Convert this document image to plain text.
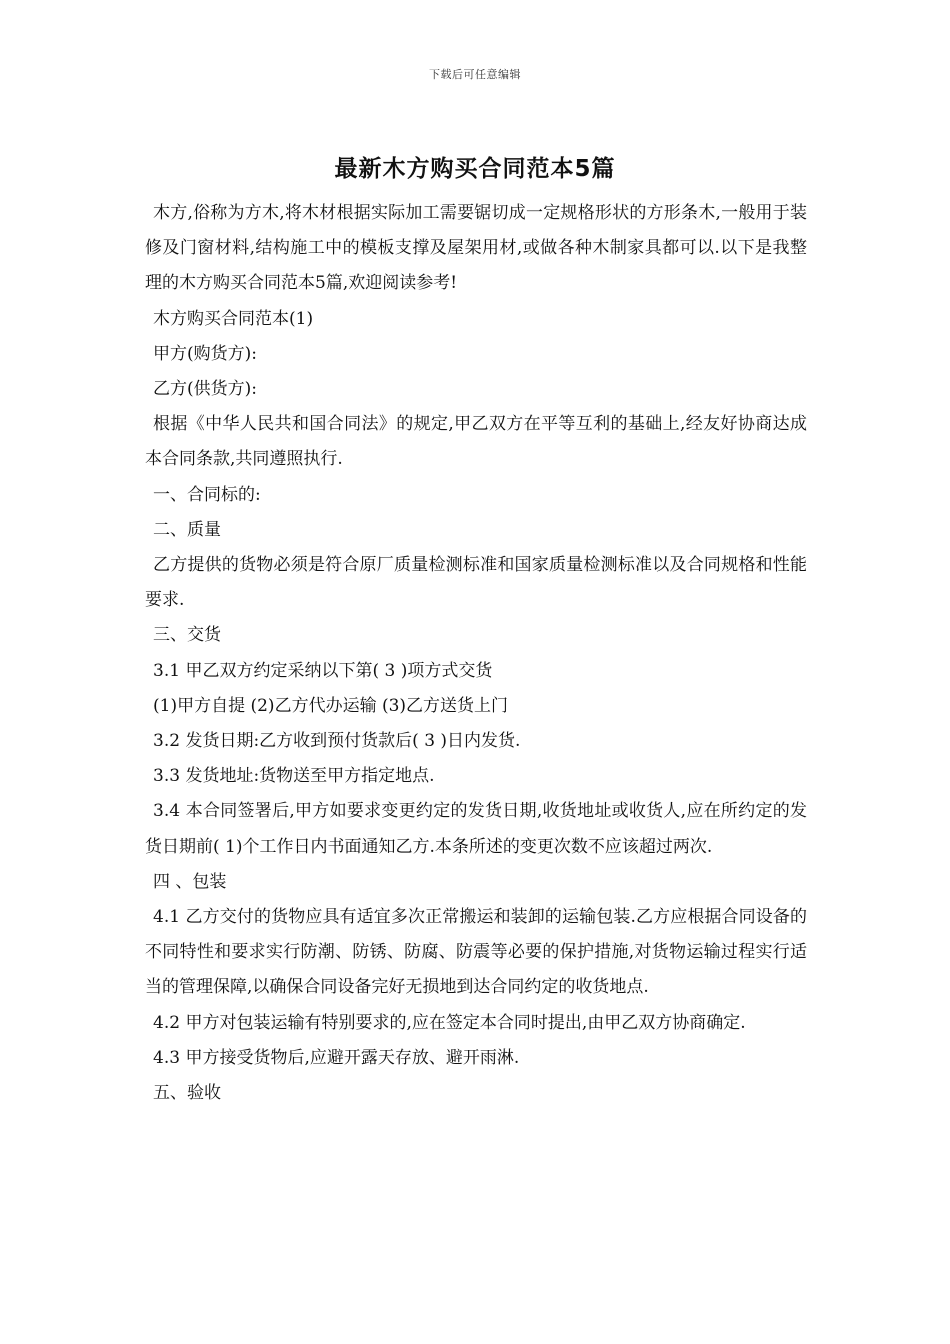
下载后可任意编辑
最新木方购买合同范本5篇

木方,俗称为方木,将木材根据实际加工需要锯切成一定规格形状的方形条木,一般用于装修及门窗材料,结构施工中的模板支撑及屋架用材,或做各种木制家具都可以.以下是我整理的木方购买合同范本5篇,欢迎阅读参考!

木方购买合同范本(1)

甲方(购货方):

乙方(供货方):

根据《中华人民共和国合同法》的规定,甲乙双方在平等互利的基础上,经友好协商达成本合同条款,共同遵照执行.

一、合同标的:

二、质量

乙方提供的货物必须是符合原厂质量检测标准和国家质量检测标准以及合同规格和性能要求.

三、交货

3.1 甲乙双方约定采纳以下第( 3 )项方式交货

(1)甲方自提 (2)乙方代办运输 (3)乙方送货上门

3.2 发货日期:乙方收到预付货款后( 3 )日内发货.

3.3 发货地址:货物送至甲方指定地点.

3.4 本合同签署后,甲方如要求变更约定的发货日期,收货地址或收货人,应在所约定的发货日期前( 1)个工作日内书面通知乙方.本条所述的变更次数不应该超过两次.

四 、包装

4.1 乙方交付的货物应具有适宜多次正常搬运和装卸的运输包装.乙方应根据合同设备的不同特性和要求实行防潮、防锈、防腐、防震等必要的保护措施,对货物运输过程实行适当的管理保障,以确保合同设备完好无损地到达合同约定的收货地点.

4.2 甲方对包装运输有特别要求的,应在签定本合同时提出,由甲乙双方协商确定.

4.3 甲方接受货物后,应避开露天存放、避开雨淋.

五、验收
